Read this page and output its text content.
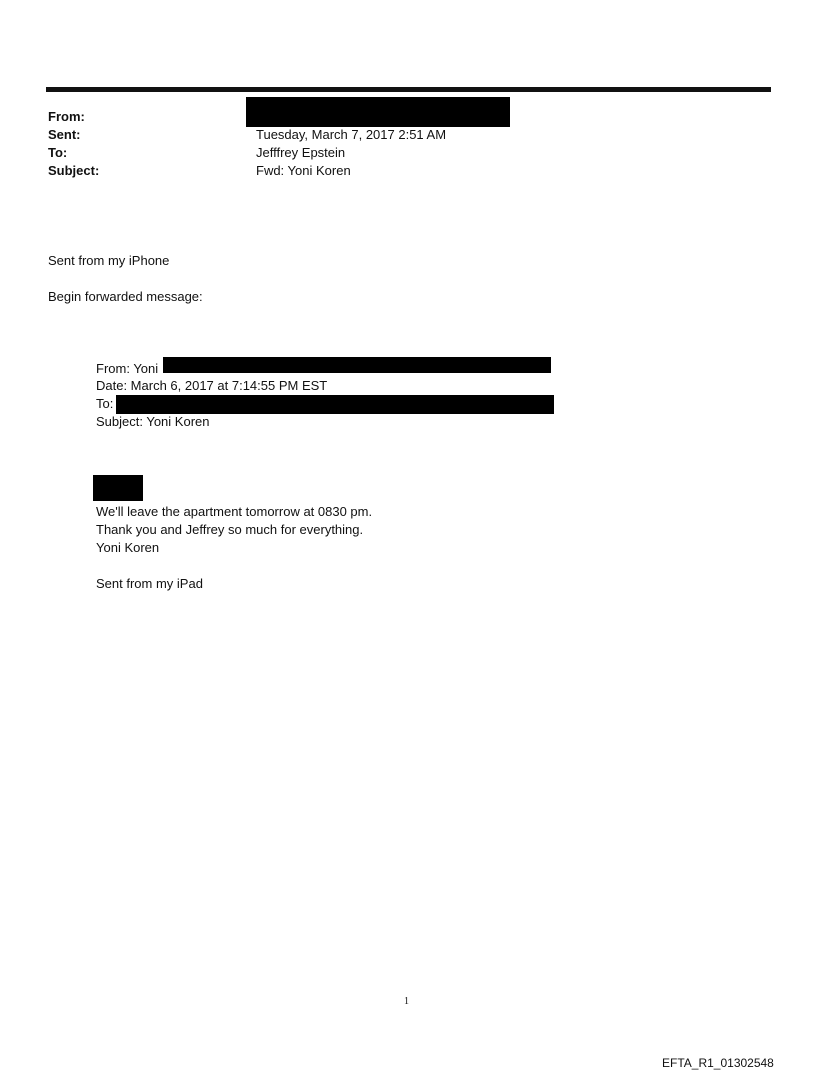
From:
Sent:	Tuesday, March 7, 2017 2:51 AM
To:	Jefffrey Epstein
Subject:	Fwd: Yoni Koren
Sent from my iPhone
Begin forwarded message:
From: Yoni
Date: March 6, 2017 at 7:14:55 PM EST
To:
Subject: Yoni Koren
We'll leave the apartment tomorrow at 0830 pm.
Thank you and Jeffrey so much for everything.
Yoni Koren
Sent from my iPad
1
EFTA_R1_01302548
